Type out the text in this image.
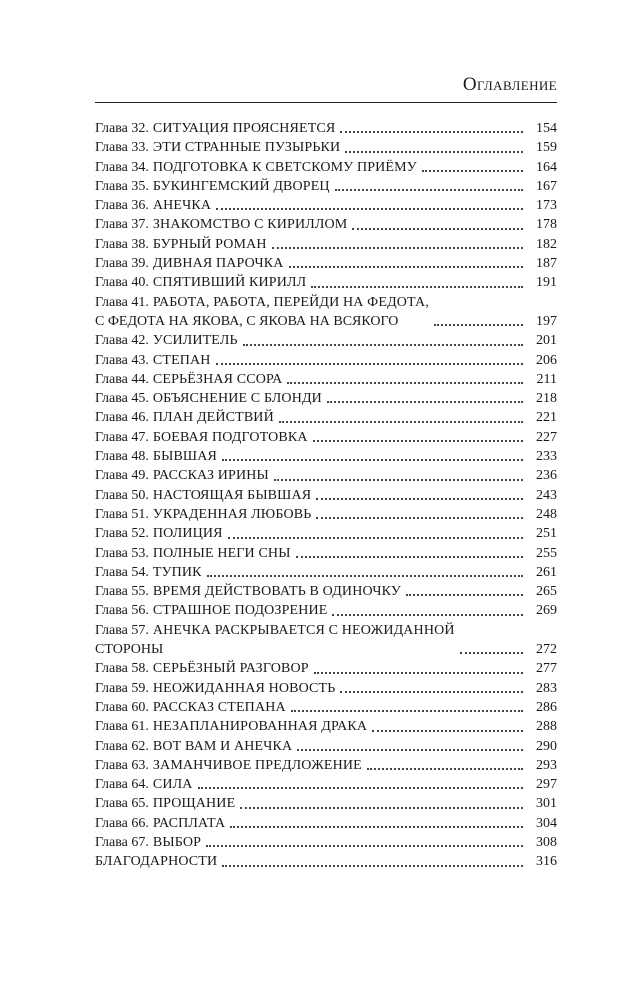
Оглавление
Глава 32. СИТУАЦИЯ ПРОЯСНЯЕТСЯ	154
Глава 33. ЭТИ СТРАННЫЕ ПУЗЫРЬКИ	159
Глава 34. ПОДГОТОВКА К СВЕТСКОМУ ПРИЁМУ	164
Глава 35. БУКИНГЕМСКИЙ ДВОРЕЦ	167
Глава 36. АНЕЧКА	173
Глава 37. ЗНАКОМСТВО С КИРИЛЛОМ	178
Глава 38. БУРНЫЙ РОМАН	182
Глава 39. ДИВНАЯ ПАРОЧКА	187
Глава 40. СПЯТИВШИЙ КИРИЛЛ	191
Глава 41. РАБОТА, РАБОТА, ПЕРЕЙДИ НА ФЕДОТА,
С ФЕДОТА НА ЯКОВА, С ЯКОВА НА ВСЯКОГО	197
Глава 42. УСИЛИТЕЛЬ	201
Глава 43. СТЕПАН	206
Глава 44. СЕРЬЁЗНАЯ ССОРА	211
Глава 45. ОБЪЯСНЕНИЕ С БЛОНДИ	218
Глава 46. ПЛАН ДЕЙСТВИЙ	221
Глава 47. БОЕВАЯ ПОДГОТОВКА	227
Глава 48. БЫВШАЯ	233
Глава 49. РАССКАЗ ИРИНЫ	236
Глава 50. НАСТОЯЩАЯ БЫВШАЯ	243
Глава 51. УКРАДЕННАЯ ЛЮБОВЬ	248
Глава 52. ПОЛИЦИЯ	251
Глава 53. ПОЛНЫЕ НЕГИ СНЫ	255
Глава 54. ТУПИК	261
Глава 55. ВРЕМЯ ДЕЙСТВОВАТЬ В ОДИНОЧКУ	265
Глава 56. СТРАШНОЕ ПОДОЗРЕНИЕ	269
Глава 57. АНЕЧКА РАСКРЫВАЕТСЯ С НЕОЖИДАННОЙ
СТОРОНЫ	272
Глава 58. СЕРЬЁЗНЫЙ РАЗГОВОР	277
Глава 59. НЕОЖИДАННАЯ НОВОСТЬ	283
Глава 60. РАССКАЗ СТЕПАНА	286
Глава 61. НЕЗАПЛАНИРОВАННАЯ ДРАКА	288
Глава 62. ВОТ ВАМ И АНЕЧКА	290
Глава 63. ЗАМАНЧИВОЕ ПРЕДЛОЖЕНИЕ	293
Глава 64. СИЛА	297
Глава 65. ПРОЩАНИЕ	301
Глава 66. РАСПЛАТА	304
Глава 67. ВЫБОР	308
БЛАГОДАРНОСТИ	316
